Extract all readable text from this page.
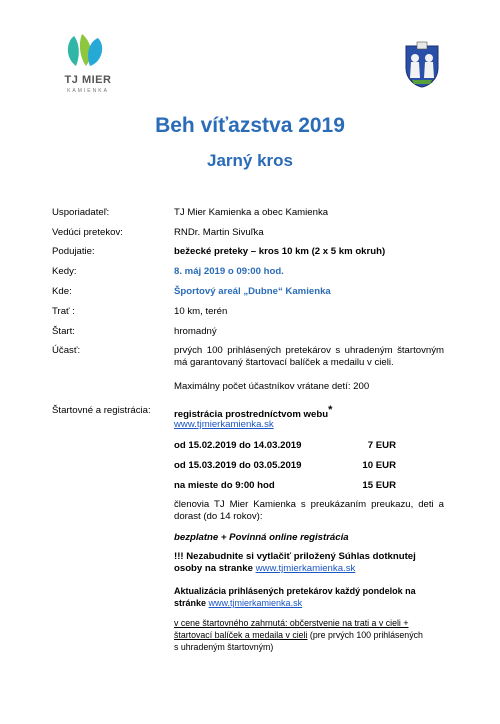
TJ MIER
KAMIENKA
Beh víťazstva 2019
Jarný kros
Usporiadateľ:	TJ Mier Kamienka a obec Kamienka
Vedúci pretekov:	RNDr. Martin Sivuľka
Podujatie:	bežecké preteky – kros 10 km (2 x 5 km okruh)
Kedy:	8. máj 2019 o 09:00 hod.
Kde:	Športový areál „Dubne“ Kamienka
Trať :	10 km, terén
Štart:	hromadný
Účasť:	prvých 100 prihlásených pretekárov s uhradeným štartovným má garantovaný štartovací balíček a medailu v cieli.
Maximálny počet účastníkov vrátane detí: 200
Štartovné a registrácia: registrácia prostredníctvom webu*
www.tjmierkamienka.sk
od 15.02.2019 do 14.03.2019	7 EUR
od 15.03.2019 do 03.05.2019	10 EUR
na mieste do 9:00 hod	15 EUR
členovia TJ Mier Kamienka s preukázaním preukazu, deti a dorast (do 14 rokov):
bezplatne + Povinná online registrácia
!!! Nezabudnite si vytlačiť priložený Súhlas dotknutej osoby na stranke www.tjmierkamienka.sk
Aktualizácia prihlásených pretekárov každý pondelok na stránke www.tjmierkamienka.sk
v cene štartovného zahrnutá: občerstvenie na trati a v cieli +
štartovací balíček a medaila v cieli (pre prvých 100 prihlásených
s uhradeným štartovným)
